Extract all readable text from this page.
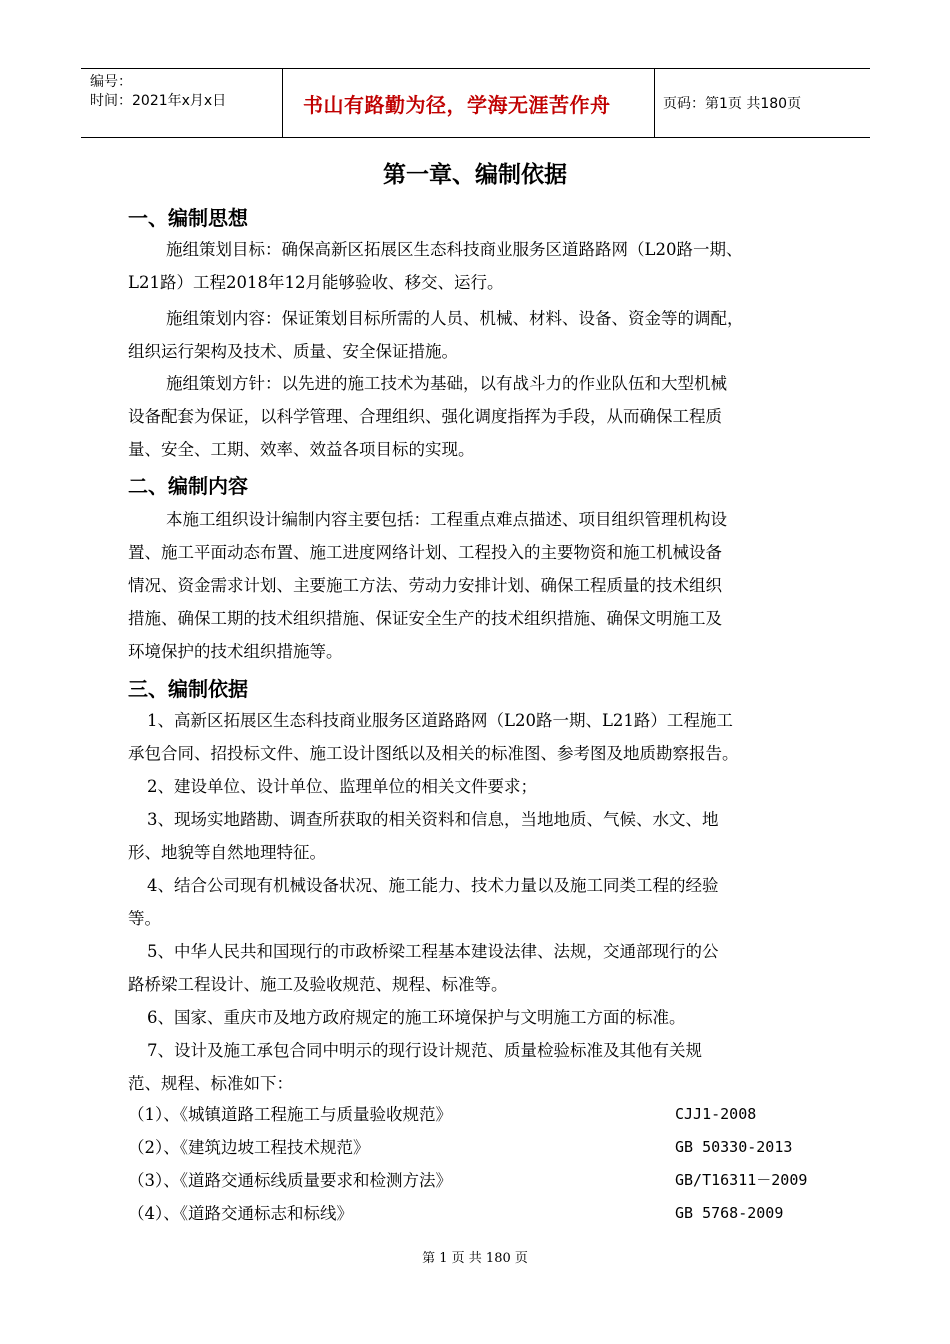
编号：
时间：2021年x月x日	书山有路勤为径，学海无涯苦作舟	页码：第1页 共180页
第一章、编制依据
一、编制思想
施组策划目标：确保高新区拓展区生态科技商业服务区道路路网（L20路一期、
L21路）工程2018年12月能够验收、移交、运行。
施组策划内容：保证策划目标所需的人员、机械、材料、设备、资金等的调配，
组织运行架构及技术、质量、安全保证措施。
施组策划方针：以先进的施工技术为基础，以有战斗力的作业队伍和大型机械
设备配套为保证，以科学管理、合理组织、强化调度指挥为手段，从而确保工程质
量、安全、工期、效率、效益各项目标的实现。
二、编制内容
本施工组织设计编制内容主要包括：工程重点难点描述、项目组织管理机构设
置、施工平面动态布置、施工进度网络计划、工程投入的主要物资和施工机械设备
情况、资金需求计划、主要施工方法、劳动力安排计划、确保工程质量的技术组织
措施、确保工期的技术组织措施、保证安全生产的技术组织措施、确保文明施工及
环境保护的技术组织措施等。
三、编制依据
1、高新区拓展区生态科技商业服务区道路路网（L20路一期、L21路）工程施工
承包合同、招投标文件、施工设计图纸以及相关的标准图、参考图及地质勘察报告。
2、建设单位、设计单位、监理单位的相关文件要求；
3、现场实地踏勘、调查所获取的相关资料和信息，当地地质、气候、水文、地
形、地貌等自然地理特征。
4、结合公司现有机械设备状况、施工能力、技术力量以及施工同类工程的经验
等。
5、中华人民共和国现行的市政桥梁工程基本建设法律、法规，交通部现行的公
路桥梁工程设计、施工及验收规范、规程、标准等。
6、国家、重庆市及地方政府规定的施工环境保护与文明施工方面的标准。
7、设计及施工承包合同中明示的现行设计规范、质量检验标准及其他有关规
范、规程、标准如下：
（1）、《城镇道路工程施工与质量验收规范》	CJJ1-2008
（2）、《建筑边坡工程技术规范》	GB 50330-2013
（3）、《道路交通标线质量要求和检测方法》	GB/T16311－2009
（4）、《道路交通标志和标线》	GB 5768-2009
第 1 页 共 180 页
